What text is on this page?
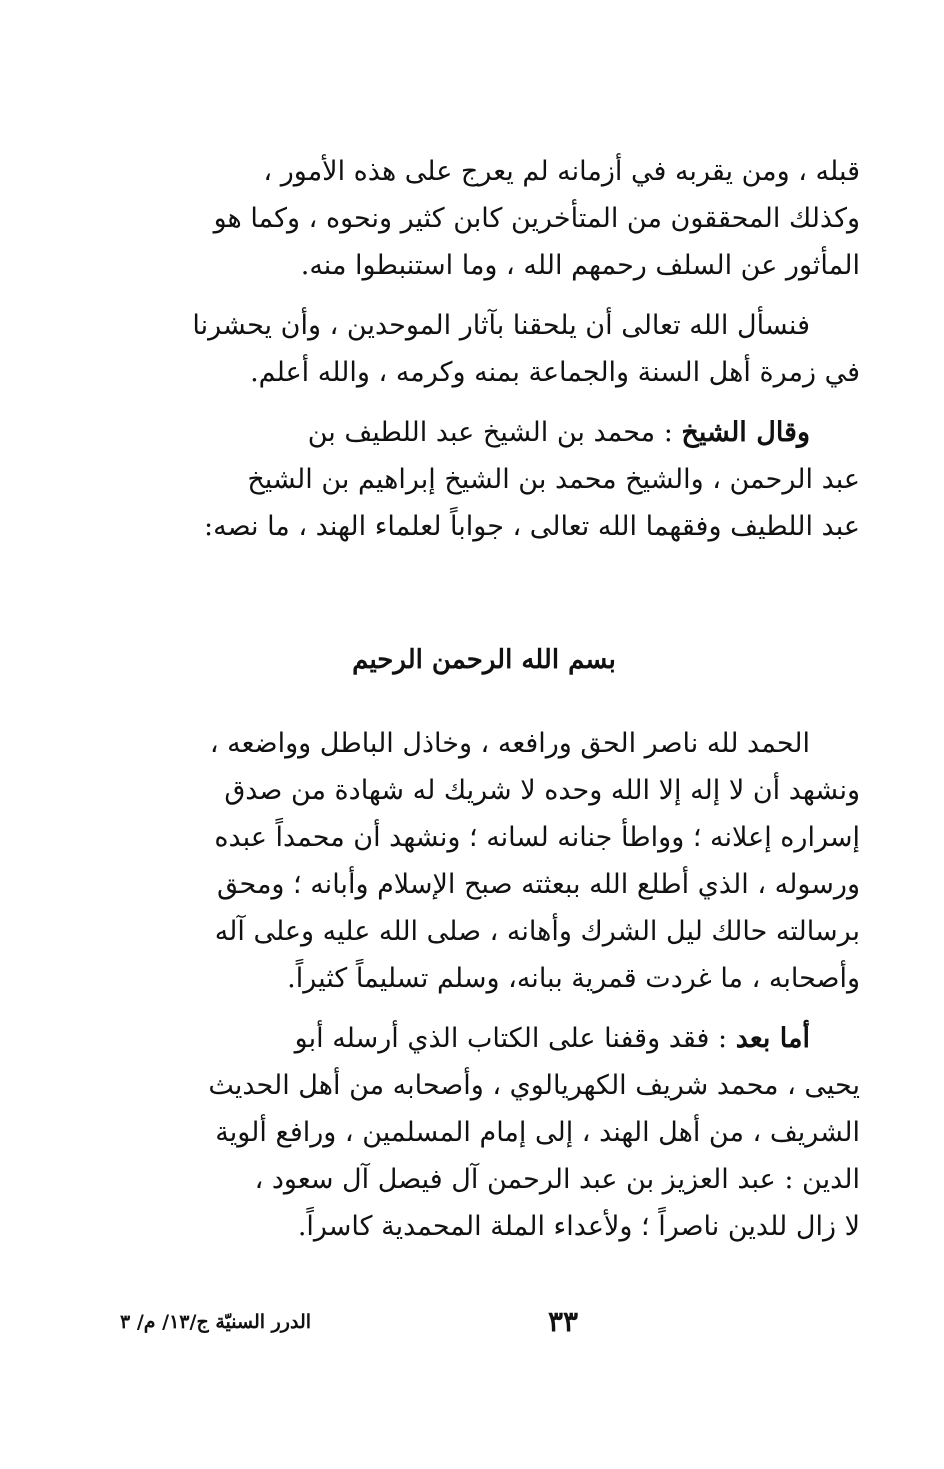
قبله ، ومن يقربه في أزمانه لم يعرج على هذه الأمور ،
وكذلك المحققون من المتأخرين كابن كثير ونحوه ، وكما هو
المأثور عن السلف رحمهم الله ، وما استنبطوا منه.

فنسأل الله تعالى أن يلحقنا بآثار الموحدين ، وأن يحشرنا
في زمرة أهل السنة والجماعة بمنه وكرمه ، والله أعلم.

وقال الشيخ : محمد بن الشيخ عبد اللطيف بن
عبد الرحمن ، والشيخ محمد بن الشيخ إبراهيم بن الشيخ
عبد اللطيف وفقهما الله تعالى ، جواباً لعلماء الهند ، ما نصه:

بسم الله الرحمن الرحيم

الحمد لله ناصر الحق ورافعه ، وخاذل الباطل وواضعه ،
ونشهد أن لا إله إلا الله وحده لا شريك له شهادة من صدق
إسراره إعلانه ؛ وواطأ جنانه لسانه ؛ ونشهد أن محمداً عبده
ورسوله ، الذي أطلع الله ببعثته صبح الإسلام وأبانه ؛ ومحق
برسالته حالك ليل الشرك وأهانه ، صلى الله عليه وعلى آله
وأصحابه ، ما غردت قمرية ببانه، وسلم تسليماً كثيراً.

أما بعد : فقد وقفنا على الكتاب الذي أرسله أبو
يحيى ، محمد شريف الكهريالوي ، وأصحابه من أهل الحديث
الشريف ، من أهل الهند ، إلى إمام المسلمين ، ورافع ألوية
الدين : عبد العزيز بن عبد الرحمن آل فيصل آل سعود ،
لا زال للدين ناصراً ؛ ولأعداء الملة المحمدية كاسراً.

٣٣
الدرر السنيّة ج/١٣/ م/ ٣
